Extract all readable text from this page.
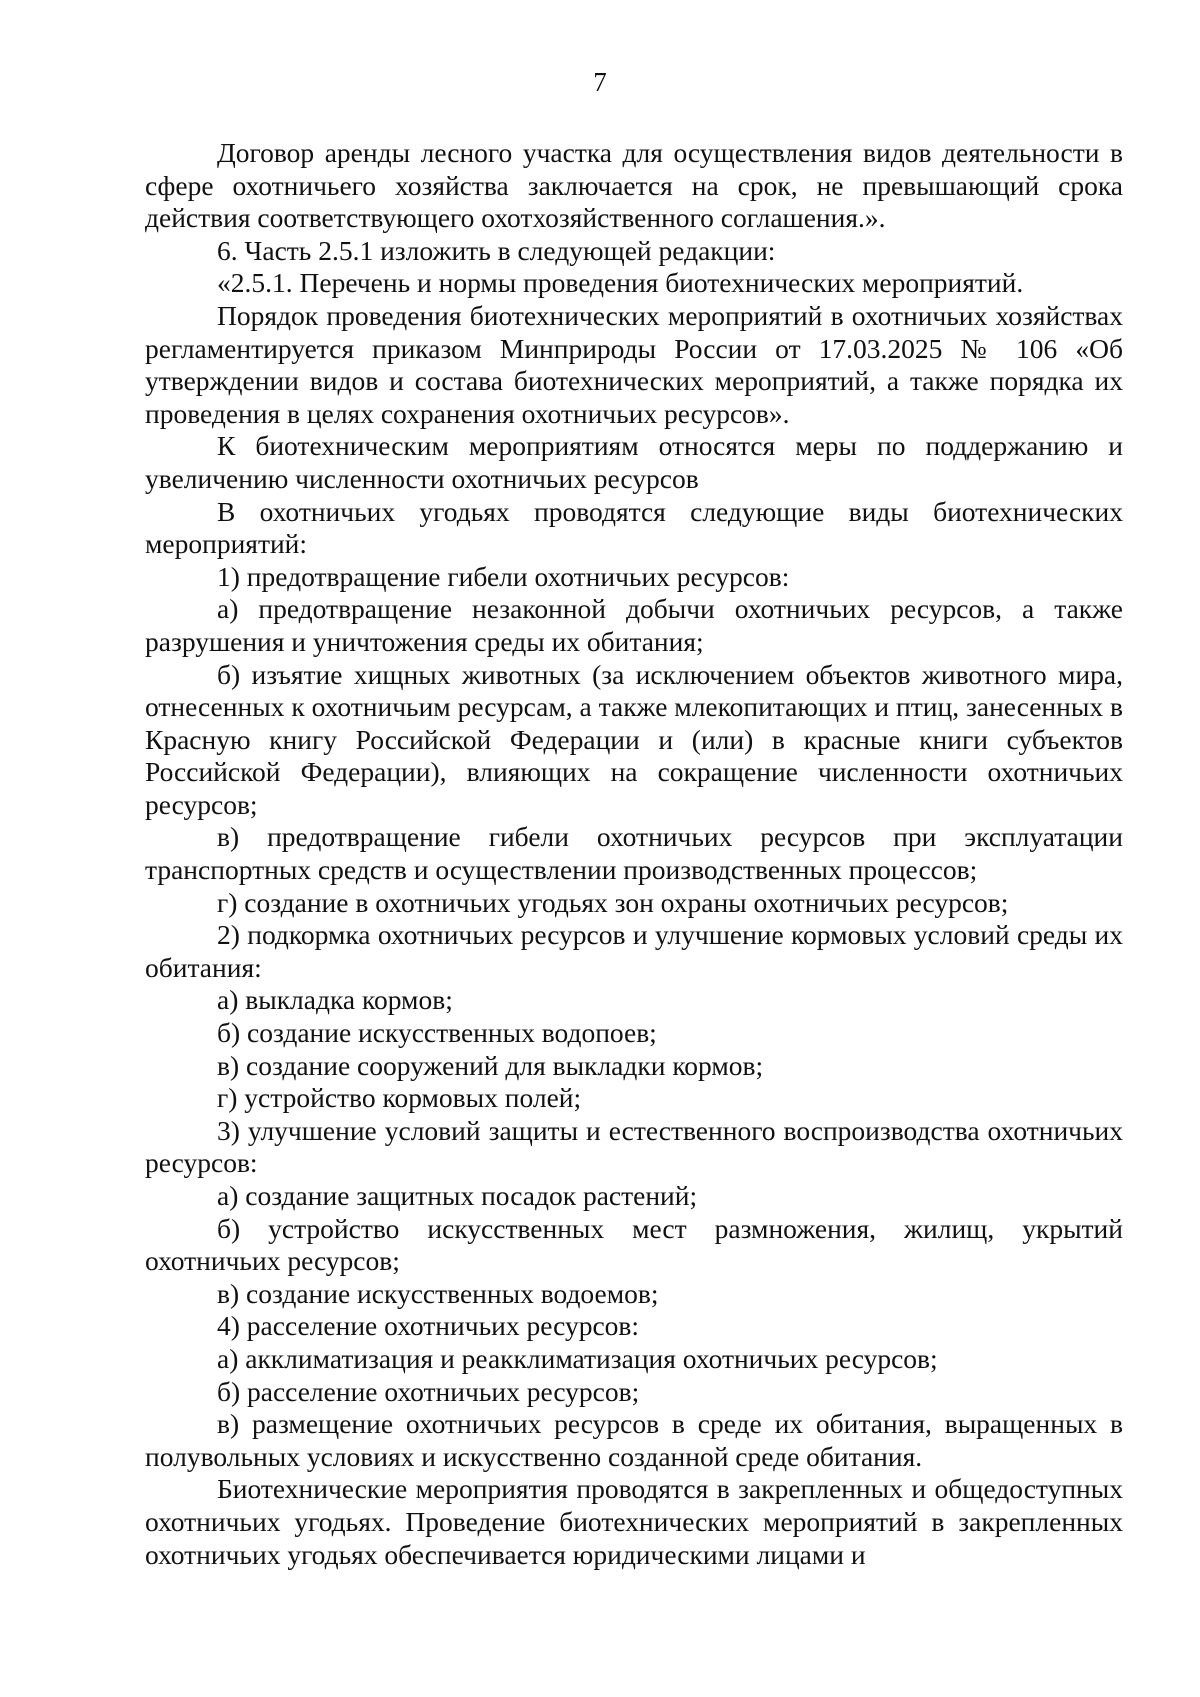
7

Договор аренды лесного участка для осуществления видов деятельности в сфере охотничьего хозяйства заключается на срок, не превышающий срока действия соответствующего охотхозяйственного соглашения.».

6. Часть 2.5.1 изложить в следующей редакции:

«2.5.1. Перечень и нормы проведения биотехнических мероприятий.

Порядок проведения биотехнических мероприятий в охотничьих хозяйствах регламентируется приказом Минприроды России от 17.03.2025 № 106 «Об утверждении видов и состава биотехнических мероприятий, а также порядка их проведения в целях сохранения охотничьих ресурсов».

К биотехническим мероприятиям относятся меры по поддержанию и увеличению численности охотничьих ресурсов

В охотничьих угодьях проводятся следующие виды биотехнических мероприятий:

1) предотвращение гибели охотничьих ресурсов:

а) предотвращение незаконной добычи охотничьих ресурсов, а также разрушения и уничтожения среды их обитания;

б) изъятие хищных животных (за исключением объектов животного мира, отнесенных к охотничьим ресурсам, а также млекопитающих и птиц, занесенных в Красную книгу Российской Федерации и (или) в красные книги субъектов Российской Федерации), влияющих на сокращение численности охотничьих ресурсов;

в) предотвращение гибели охотничьих ресурсов при эксплуатации транспортных средств и осуществлении производственных процессов;

г) создание в охотничьих угодьях зон охраны охотничьих ресурсов;

2) подкормка охотничьих ресурсов и улучшение кормовых условий среды их обитания:

а) выкладка кормов;

б) создание искусственных водопоев;

в) создание сооружений для выкладки кормов;

г) устройство кормовых полей;

3) улучшение условий защиты и естественного воспроизводства охотничьих ресурсов:

а) создание защитных посадок растений;

б) устройство искусственных мест размножения, жилищ, укрытий охотничьих ресурсов;

в) создание искусственных водоемов;

4) расселение охотничьих ресурсов:

а) акклиматизация и реакклиматизация охотничьих ресурсов;

б) расселение охотничьих ресурсов;

в) размещение охотничьих ресурсов в среде их обитания, выращенных в полувольных условиях и искусственно созданной среде обитания.

Биотехнические мероприятия проводятся в закрепленных и общедоступных охотничьих угодьях. Проведение биотехнических мероприятий в закрепленных охотничьих угодьях обеспечивается юридическими лицами и
